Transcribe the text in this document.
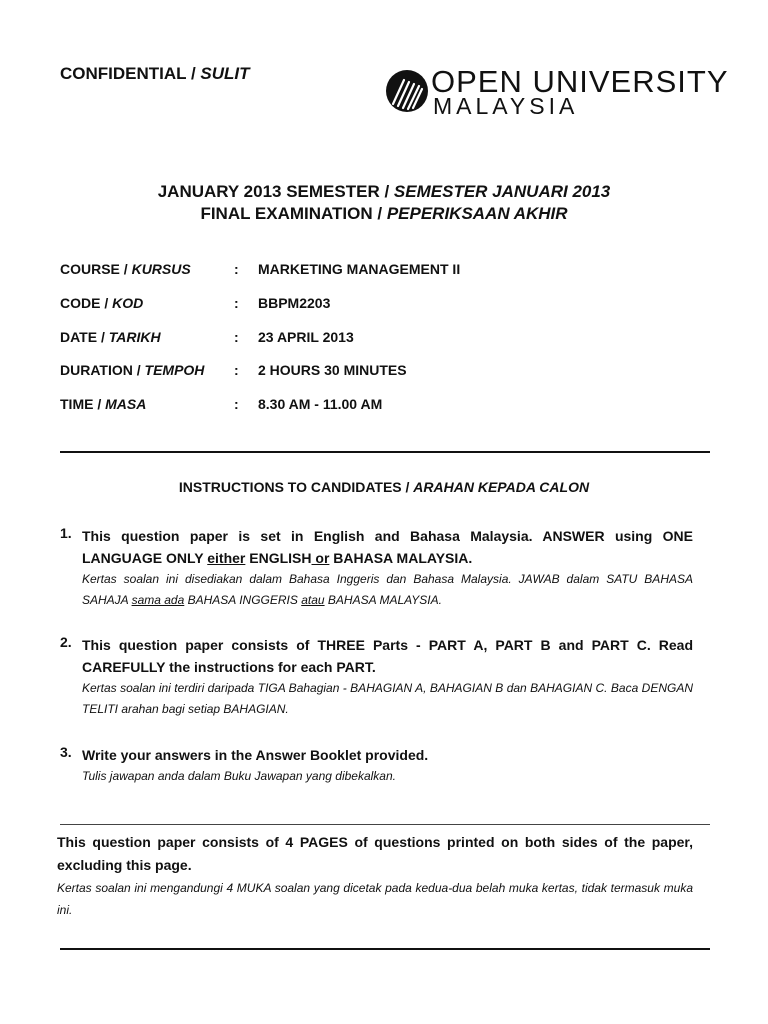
CONFIDENTIAL / SULIT	OPEN UNIVERSITY
MALAYSIA
JANUARY 2013 SEMESTER / SEMESTER JANUARI 2013
FINAL EXAMINATION / PEPERIKSAAN AKHIR
COURSE / KURSUS	: MARKETING MANAGEMENT II
CODE / KOD	: BBPM2203
DATE / TARIKH	: 23 APRIL 2013
DURATION / TEMPOH : 2 HOURS 30 MINUTES
TIME / MASA	: 8.30 AM - 11.00 AM
INSTRUCTIONS TO CANDIDATES / ARAHAN KEPADA CALON
1. This question paper is set in English and Bahasa Malaysia. ANSWER using ONE LANGUAGE ONLY either ENGLISH or BAHASA MALAYSIA.
Kertas soalan ini disediakan dalam Bahasa Inggeris dan Bahasa Malaysia. JAWAB dalam SATU BAHASA SAHAJA sama ada BAHASA INGGERIS atau BAHASA MALAYSIA.
2. This question paper consists of THREE Parts - PART A, PART B and PART C. Read CAREFULLY the instructions for each PART.
Kertas soalan ini terdiri daripada TIGA Bahagian - BAHAGIAN A, BAHAGIAN B dan BAHAGIAN C. Baca DENGAN TELITI arahan bagi setiap BAHAGIAN.
3. Write your answers in the Answer Booklet provided.
Tulis jawapan anda dalam Buku Jawapan yang dibekalkan.
This question paper consists of 4 PAGES of questions printed on both sides of the paper, excluding this page.
Kertas soalan ini mengandungi 4 MUKA soalan yang dicetak pada kedua-dua belah muka kertas, tidak termasuk muka ini.
